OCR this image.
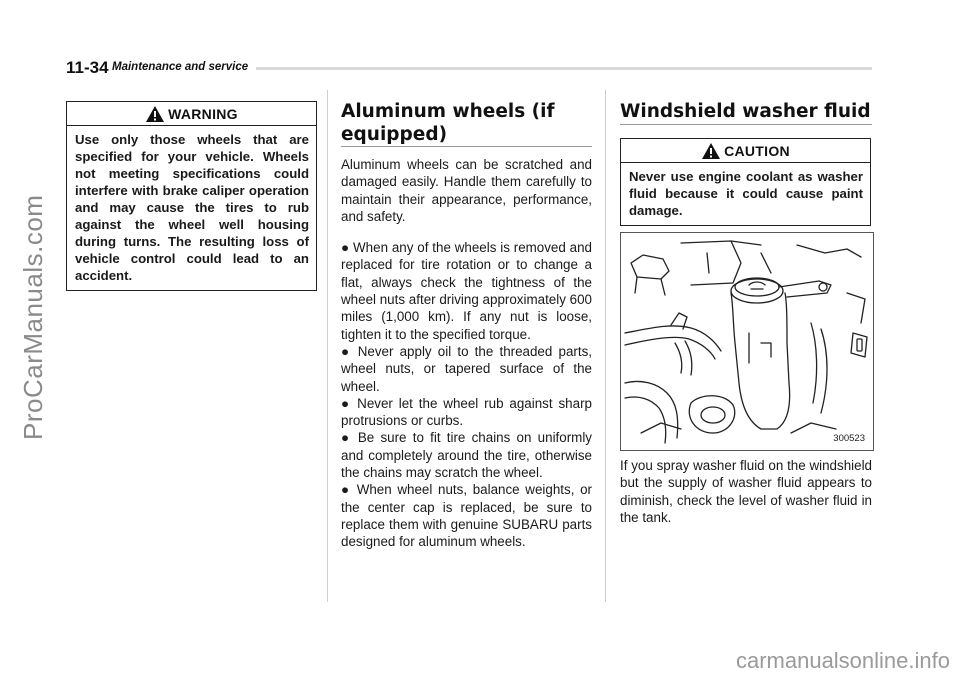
11-34 Maintenance and service
ProCarManuals.com
WARNING
Use only those wheels that are specified for your vehicle. Wheels not meeting specifications could interfere with brake caliper operation and may cause the tires to rub against the wheel well housing during turns. The resulting loss of vehicle control could lead to an accident.
Aluminum wheels (if
equipped)

Aluminum wheels can be scratched and damaged easily. Handle them carefully to maintain their appearance, performance, and safety.

● When any of the wheels is removed and replaced for tire rotation or to change a flat, always check the tightness of the wheel nuts after driving approximately 600 miles (1,000 km). If any nut is loose, tighten it to the specified torque.

● Never apply oil to the threaded parts, wheel nuts, or tapered surface of the wheel.

● Never let the wheel rub against sharp protrusions or curbs.

● Be sure to fit tire chains on uniformly and completely around the tire, otherwise the chains may scratch the wheel.

● When wheel nuts, balance weights, or the center cap is replaced, be sure to replace them with genuine SUBARU parts designed for aluminum wheels.

Windshield washer fluid
CAUTION
Never use engine coolant as washer fluid because it could cause paint damage.
300523
If you spray washer fluid on the windshield but the supply of washer fluid appears to diminish, check the level of washer fluid in the tank.
carmanualsonline.info
